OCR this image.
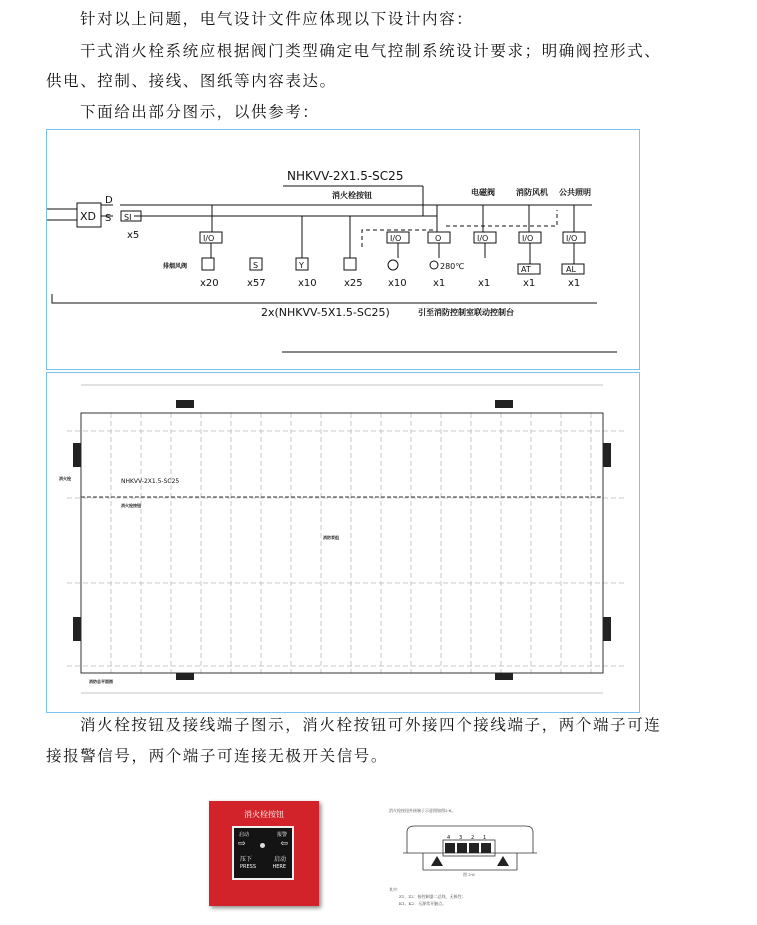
针对以上问题，电气设计文件应体现以下设计内容：
干式消火栓系统应根据阀门类型确定电气控制系统设计要求；明确阀控形式、
供电、控制、接线、图纸等内容表达。
下面给出部分图示，以供参考：
NHKVV-2X1.5-SC25
XD
D
S SI
x5
消火栓按钮	电磁阀	消防风机 公共照明
I/O	I/O	O	I/O	I/O	I/O
排烟风阀	S	Y	280℃	AT	AL
x20	x57	x10	x25	x10	x1	x1	x1	x1
2x(NHKVV-5X1.5-SC25)	引至消防控制室联动控制台
NHKVV-2X1.5-SC25
消火栓
消火栓按钮
消防泵组
消防总平面图
消火栓按钮及接线端子图示，消火栓按钮可外接四个接线端子，两个端子可连
接报警信号，两个端子可连接无极开关信号。
消火栓按钮
启动	报警
⇨	⇦
压下	启动
PRESS	HERE
消火栓按钮外接端子示意图如图2-6。
4 3 2 1
图 2-6
其中：
Z1、Z2：接控制器二总线，无极性；
K1、K2：无源常开触点。
